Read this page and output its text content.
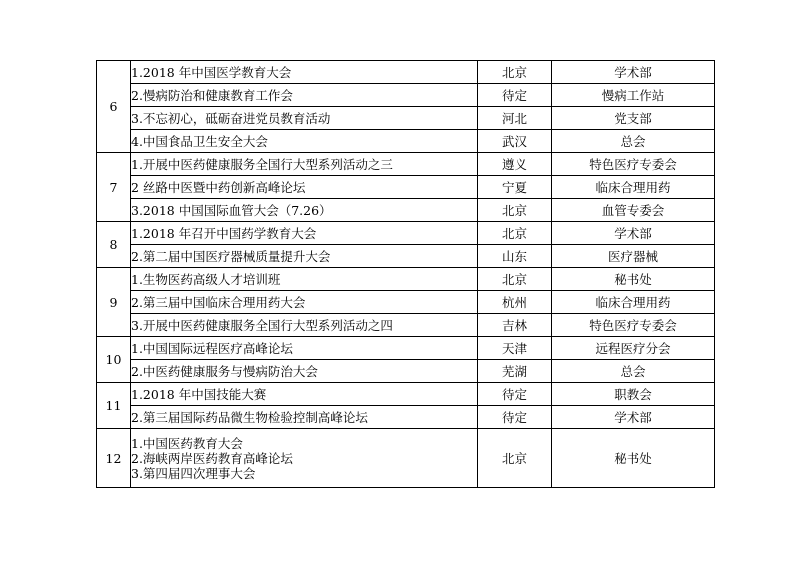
6	1.2018 年中国医学教育大会	北京	学术部
	2.慢病防治和健康教育工作会	待定	慢病工作站
	3.不忘初心，砥砺奋进党员教育活动	河北	党支部
	4.中国食品卫生安全大会	武汉	总会
7	1.开展中医药健康服务全国行大型系列活动之三	遵义	特色医疗专委会
	2 丝路中医暨中药创新高峰论坛	宁夏	临床合理用药
	3.2018 中国国际血管大会（7.26）	北京	血管专委会
8	1.2018 年召开中国药学教育大会	北京	学术部
	2.第二届中国医疗器械质量提升大会	山东	医疗器械
9	1.生物医药高级人才培训班	北京	秘书处
	2.第三届中国临床合理用药大会	杭州	临床合理用药
	3.开展中医药健康服务全国行大型系列活动之四	吉林	特色医疗专委会
10	1.中国国际远程医疗高峰论坛	天津	远程医疗分会
	2.中医药健康服务与慢病防治大会	芜湖	总会
11	1.2018 年中国技能大赛	待定	职教会
	2.第三届国际药品微生物检验控制高峰论坛	待定	学术部
12	1.中国医药教育大会
2.海峡两岸医药教育高峰论坛
3.第四届四次理事大会	北京	秘书处
